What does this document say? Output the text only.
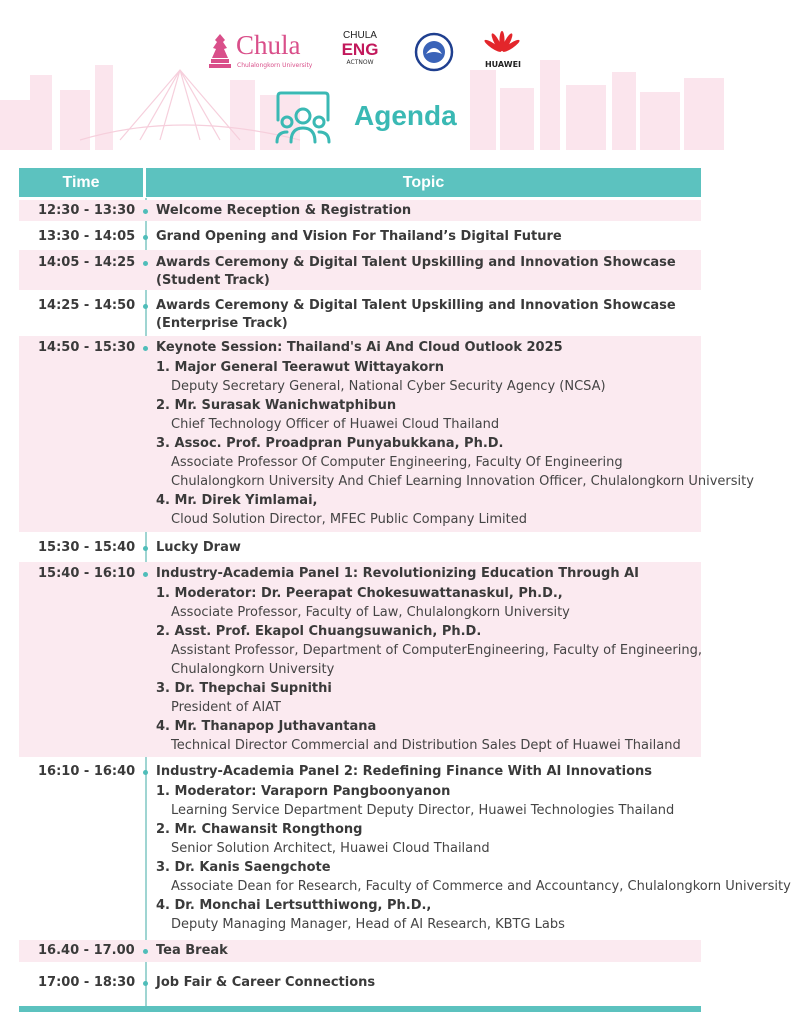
Chula
Chulalongkorn University
CHULA
ENG
ACTNOW	HUAWEI
Agenda
Time	Topic
12:30 - 13:30 Welcome Reception & Registration
13:30 - 14:05 Grand Opening and Vision For Thailand’s Digital Future
14:05 - 14:25 Awards Ceremony & Digital Talent Upskilling and Innovation Showcase (Student Track)
14:25 - 14:50 Awards Ceremony & Digital Talent Upskilling and Innovation Showcase (Enterprise Track)
14:50 - 15:30 Keynote Session: Thailand's Ai And Cloud Outlook 2025
1. Major General Teerawut Wittayakorn
Deputy Secretary General, National Cyber Security Agency (NCSA)
2. Mr. Surasak Wanichwatphibun
Chief Technology Officer of Huawei Cloud Thailand
3. Assoc. Prof. Proadpran Punyabukkana, Ph.D.
Associate Professor Of Computer Engineering, Faculty Of Engineering
Chulalongkorn University And Chief Learning Innovation Officer, Chulalongkorn University
4. Mr. Direk Yimlamai,
Cloud Solution Director, MFEC Public Company Limited
15:30 - 15:40 Lucky Draw
15:40 - 16:10 Industry-Academia Panel 1: Revolutionizing Education Through AI
1. Moderator: Dr. Peerapat Chokesuwattanaskul, Ph.D.,
Associate Professor, Faculty of Law, Chulalongkorn University
2. Asst. Prof. Ekapol Chuangsuwanich, Ph.D.
Assistant Professor, Department of ComputerEngineering, Faculty of Engineering,
Chulalongkorn University
3. Dr. Thepchai Supnithi
President of AIAT
4. Mr. Thanapop Juthavantana
Technical Director Commercial and Distribution Sales Dept of Huawei Thailand
16:10 - 16:40 Industry-Academia Panel 2: Redefining Finance With AI Innovations
1. Moderator: Varaporn Pangboonyanon
Learning Service Department Deputy Director, Huawei Technologies Thailand
2. Mr. Chawansit Rongthong
Senior Solution Architect, Huawei Cloud Thailand
3. Dr. Kanis Saengchote
Associate Dean for Research, Faculty of Commerce and Accountancy, Chulalongkorn University
4. Dr. Monchai Lertsutthiwong, Ph.D.,
Deputy Managing Manager, Head of AI Research, KBTG Labs
16.40 - 17.00 Tea Break
17:00 - 18:30 Job Fair & Career Connections
